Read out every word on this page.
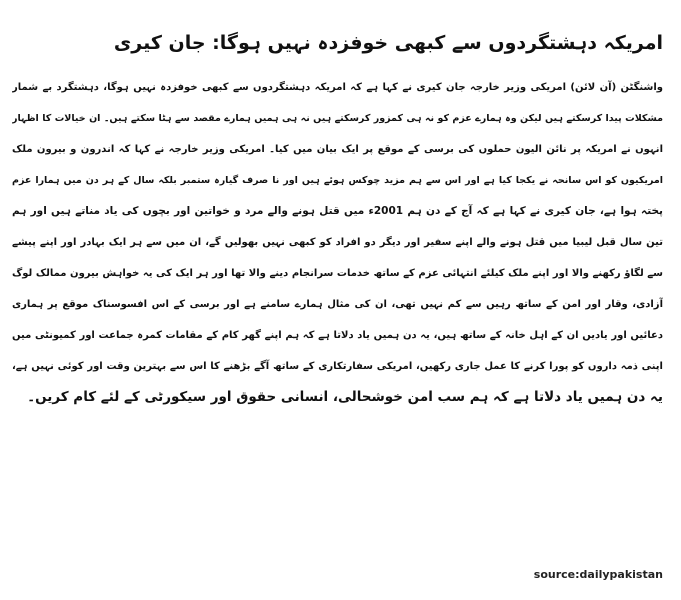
امریکہ دہشتگردوں سے کبھی خوفزدہ نہیں ہوگا: جان کیری
واشنگٹن (آن لائن) امریکی وزیر خارجہ جان کیری نے کہا ہے کہ امریکہ دہشتگردوں سے کبھی خوفزدہ نہیں ہوگا، دہشتگرد بے شمار
مشکلات پیدا کرسکتے ہیں لیکن وہ ہمارے عزم کو نہ ہی کمزور کرسکتے ہیں نہ ہی ہمیں ہمارے مقصد سے ہٹا سکتے ہیں۔ ان خیالات کا اظہار
انہوں نے امریکہ پر نائن الیون حملوں کی برسی کے موقع پر ایک بیان میں کیا۔ امریکی وزیر خارجہ نے کہا کہ اندرون و بیرون ملک
امریکیوں کو اس سانحہ نے یکجا کیا ہے اور اس سے ہم مزید چوکس ہوئے ہیں اور نا صرف گیارہ ستمبر بلکہ سال کے ہر دن میں ہمارا عزم
پختہ ہوا ہے، جان کیری نے کہا ہے کہ آج کے دن ہم 2001ء میں قتل ہونے والے مرد و خواتین اور بچوں کی یاد مناتے ہیں اور ہم
تین سال قبل لیبیا میں قتل ہونے والے اپنے سفیر اور دیگر دو افراد کو کبھی نہیں بھولیں گے، ان میں سے ہر ایک بہادر اور اپنے پیشے
سے لگاؤ رکھنے والا اور اپنے ملک کیلئے انتہائی عزم کے ساتھ خدمات سرانجام دینے والا تھا اور ہر ایک کی یہ خواہش بیرون ممالک لوگ
آزادی، وقار اور امن کے ساتھ رہیں سے کم نہیں تھی، ان کی مثال ہمارے سامنے ہے اور برسی کے اس افسوسناک موقع پر ہماری
دعائیں اور یادیں ان کے اہل خانہ کے ساتھ ہیں، یہ دن ہمیں یاد دلاتا ہے کہ ہم اپنے گھر کام کے مقامات کمرہ جماعت اور کمیونٹی میں
اپنی ذمہ داروں کو پورا کرنے کا عمل جاری رکھیں، امریکی سفارتکاری کے ساتھ آگے بڑھنے کا اس سے بہترین وقت اور کوئی نہیں ہے،
یہ دن ہمیں یاد دلاتا ہے کہ ہم سب امن خوشحالی، انسانی حقوق اور سیکورٹی کے لئے کام کریں۔
source:dailypakistan
